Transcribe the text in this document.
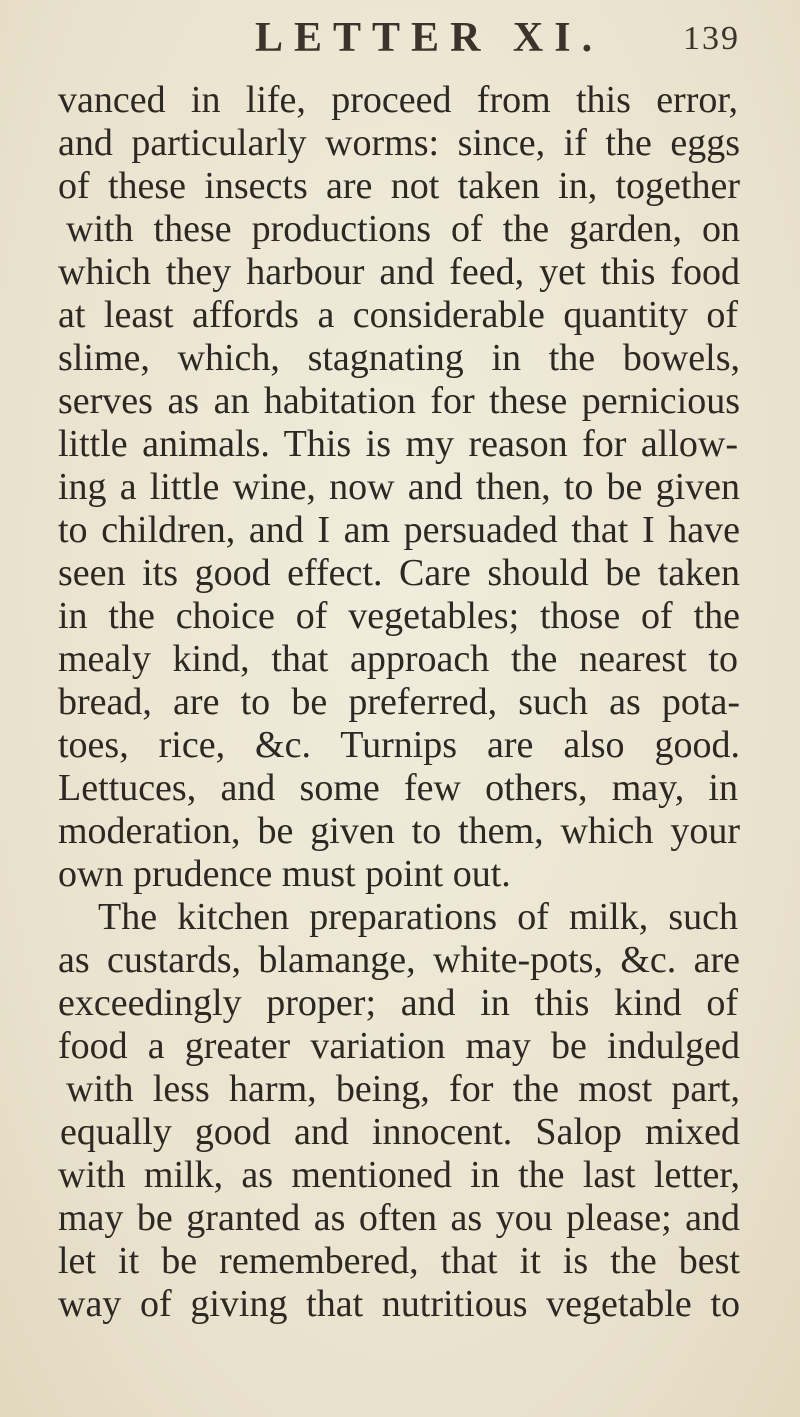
LETTER XI. 139
vanced in life, proceed from this error,
and particularly worms: since, if the eggs
of these insects are not taken in, together
with these productions of the garden, on
which they harbour and feed, yet this food
at least affords a considerable quantity of
slime, which, stagnating in the bowels,
serves as an habitation for these pernicious
little animals. This is my reason for allow-
ing a little wine, now and then, to be given
to children, and I am persuaded that I have
seen its good effect. Care should be taken
in the choice of vegetables; those of the
mealy kind, that approach the nearest to
bread, are to be preferred, such as pota-
toes, rice, &c. Turnips are also good.
Lettuces, and some few others, may, in
moderation, be given to them, which your
own prudence must point out.
The kitchen preparations of milk, such
as custards, blamange, white-pots, &c. are
exceedingly proper; and in this kind of
food a greater variation may be indulged
with less harm, being, for the most part,
equally good and innocent. Salop mixed
with milk, as mentioned in the last letter,
may be granted as often as you please; and
let it be remembered, that it is the best
way of giving that nutritious vegetable to
